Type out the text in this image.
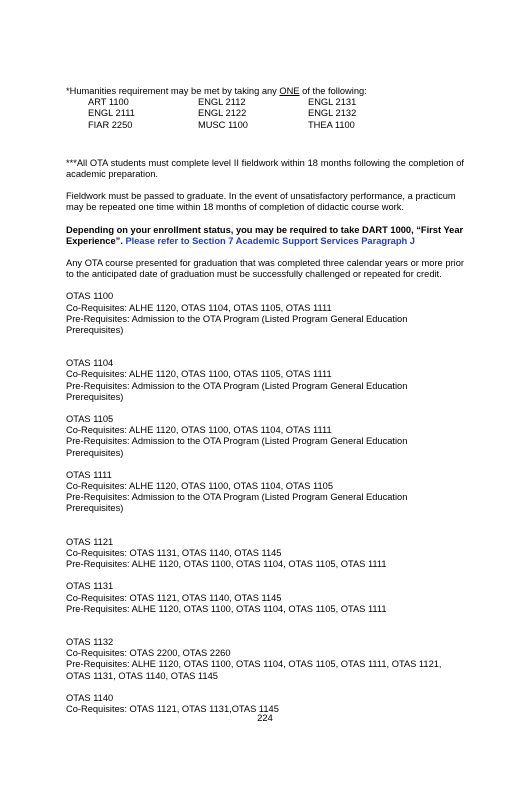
*Humanities requirement may be met by taking any ONE of the following:
ART 1100	ENGL 2112	ENGL 2131
ENGL 2111	ENGL 2122	ENGL 2132
FIAR 2250	MUSC 1100	THEA 1100

***All OTA students must complete level II fieldwork within 18 months following the completion of academic preparation.

Fieldwork must be passed to graduate. In the event of unsatisfactory performance, a practicum may be repeated one time within 18 months of completion of didactic course work.

Depending on your enrollment status, you may be required to take DART 1000, “First Year Experience”. Please refer to Section 7 Academic Support Services Paragraph J

Any OTA course presented for graduation that was completed three calendar years or more prior to the anticipated date of graduation must be successfully challenged or repeated for credit.

OTAS 1100

Co-Requisites: ALHE 1120, OTAS 1104, OTAS 1105, OTAS 1111

Pre-Requisites: Admission to the OTA Program (Listed Program General Education Prerequisites)

OTAS 1104

Co-Requisites: ALHE 1120, OTAS 1100, OTAS 1105, OTAS 1111

Pre-Requisites: Admission to the OTA Program (Listed Program General Education Prerequisites)

OTAS 1105

Co-Requisites: ALHE 1120, OTAS 1100, OTAS 1104, OTAS 1111

Pre-Requisites: Admission to the OTA Program (Listed Program General Education Prerequisites)

OTAS 1111

Co-Requisites: ALHE 1120, OTAS 1100, OTAS 1104, OTAS 1105

Pre-Requisites: Admission to the OTA Program (Listed Program General Education Prerequisites)

OTAS 1121

Co-Requisites: OTAS 1131, OTAS 1140, OTAS 1145

Pre-Requisites: ALHE 1120, OTAS 1100, OTAS 1104, OTAS 1105, OTAS 1111

OTAS 1131

Co-Requisites: OTAS 1121, OTAS 1140, OTAS 1145

Pre-Requisites: ALHE 1120, OTAS 1100, OTAS 1104, OTAS 1105, OTAS 1111

OTAS 1132

Co-Requisites: OTAS 2200, OTAS 2260

Pre-Requisites: ALHE 1120, OTAS 1100, OTAS 1104, OTAS 1105, OTAS 1111, OTAS 1121, OTAS 1131, OTAS 1140, OTAS 1145

OTAS 1140

Co-Requisites: OTAS 1121, OTAS 1131,OTAS 1145

224
